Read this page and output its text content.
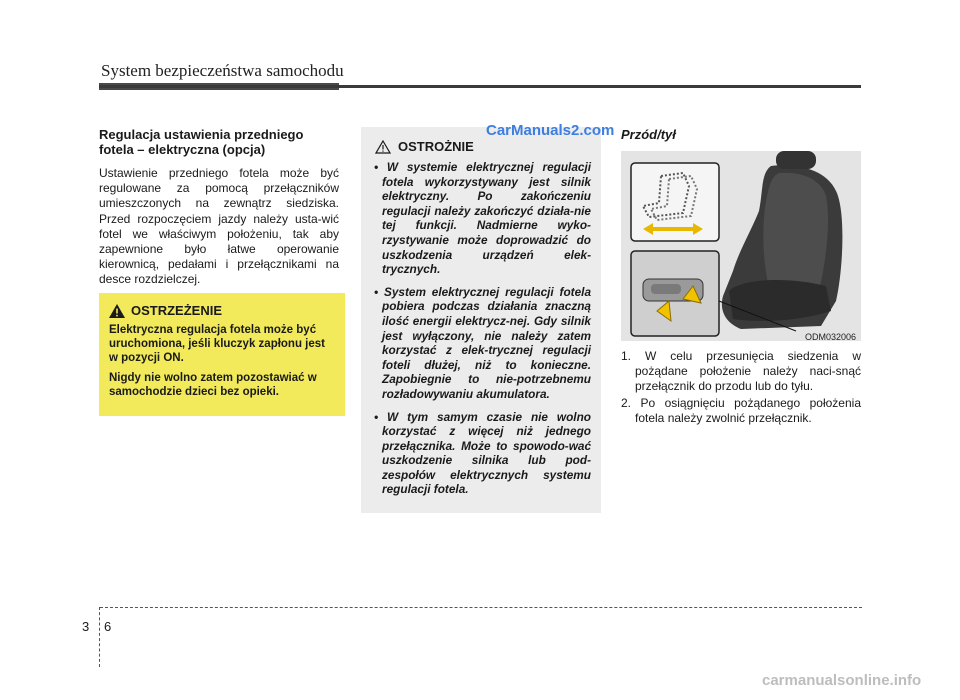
System bezpieczeństwa samochodu
Regulacja ustawienia przedniego fotela – elektryczna (opcja)
Ustawienie przedniego fotela może być regulowane za pomocą przełączników umieszczonych na zewnątrz siedziska. Przed rozpoczęciem jazdy należy usta-wić fotel we właściwym położeniu, tak aby zapewnione było łatwe operowanie kierownicą, pedałami i przełącznikami na desce rozdzielczej.
OSTRZEŻENIE
Elektryczna regulacja fotela może być uruchomiona, jeśli kluczyk zapłonu jest w pozycji ON.
Nigdy nie wolno zatem pozostawiać w samochodzie dzieci bez opieki.
OSTROŻNIE
• W systemie elektrycznej regulacji fotela wykorzystywany jest silnik elektryczny. Po zakończeniu regulacji należy zakończyć działa-nie tej funkcji. Nadmierne wyko-rzystywanie może doprowadzić do uszkodzenia urządzeń elek-trycznych.
• System elektrycznej regulacji fotela pobiera podczas działania znaczną ilość energii elektrycz-nej. Gdy silnik jest wyłączony, nie należy zatem korzystać z elek-trycznej regulacji foteli dłużej, niż to konieczne. Zapobiegnie to nie-potrzebnemu rozładowywaniu akumulatora.
• W tym samym czasie nie wolno korzystać z więcej niż jednego przełącznika. Może to spowodo-wać uszkodzenie silnika lub pod-zespołów elektrycznych systemu regulacji fotela.
CarManuals2.com Przód/tył
ODM032006
1. W celu przesunięcia siedzenia w pożądane położenie należy naci-snąć przełącznik do przodu lub do tyłu.
2. Po osiągnięciu pożądanego położenia fotela należy zwolnić przełącznik.
3 6
carmanualsonline.info
